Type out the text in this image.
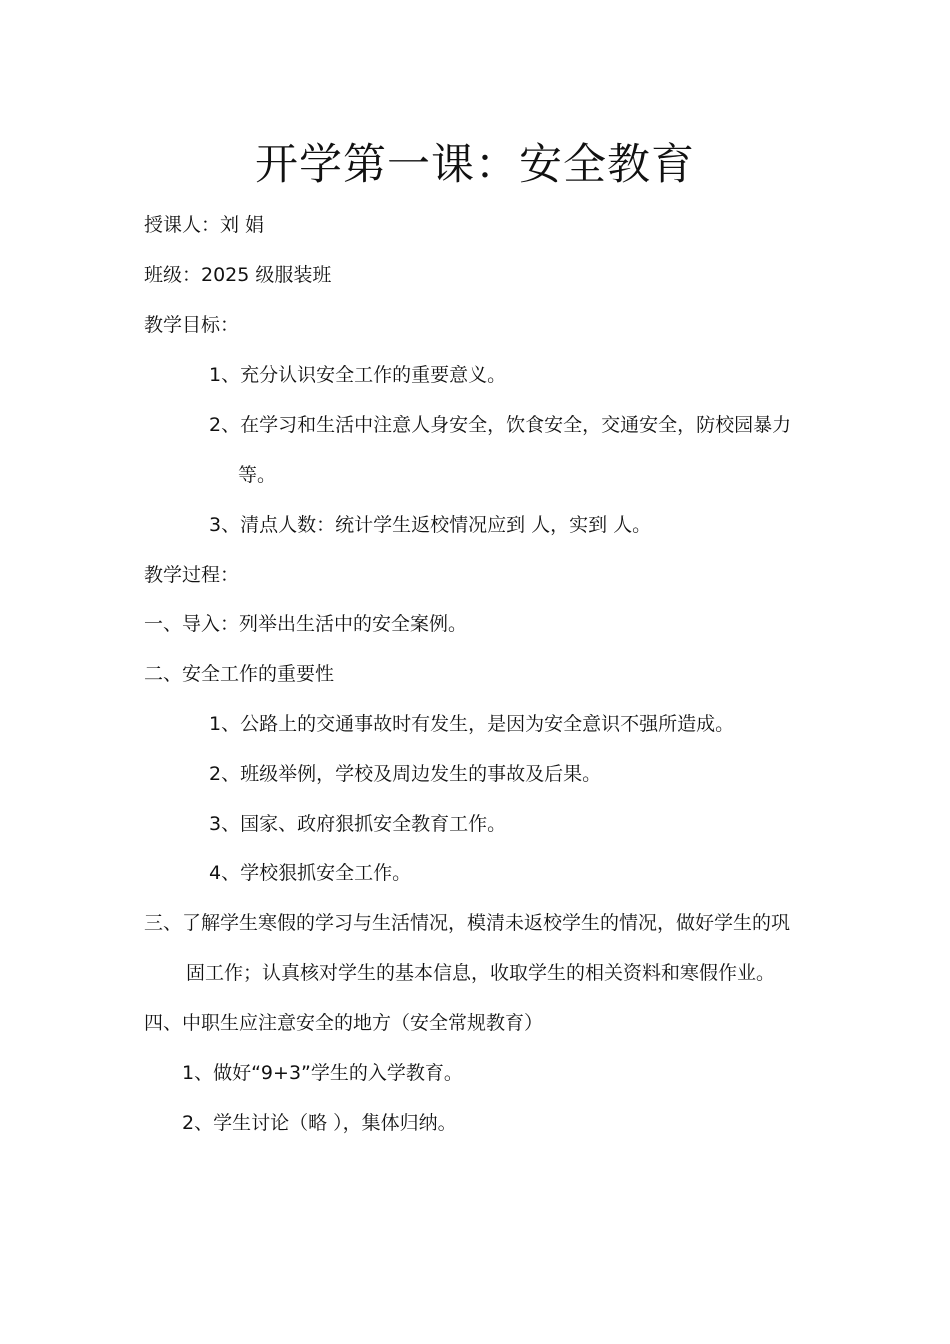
开学第一课：安全教育
授课人：刘 娟
班级：2025 级服装班
教学目标：
1、充分认识安全工作的重要意义。
2、在学习和生活中注意人身安全，饮食安全，交通安全，防校园暴力
等。
3、清点人数：统计学生返校情况应到 人，实到 人。
教学过程：
一、导入：列举出生活中的安全案例。
二、安全工作的重要性
1、公路上的交通事故时有发生，是因为安全意识不强所造成。
2、班级举例，学校及周边发生的事故及后果。
3、国家、政府狠抓安全教育工作。
4、学校狠抓安全工作。
三、了解学生寒假的学习与生活情况，模清未返校学生的情况，做好学生的巩
固工作；认真核对学生的基本信息，收取学生的相关资料和寒假作业。
四、中职生应注意安全的地方（安全常规教育）
1、做好“9+3”学生的入学教育。
2、学生讨论（略 ），集体归纳。
